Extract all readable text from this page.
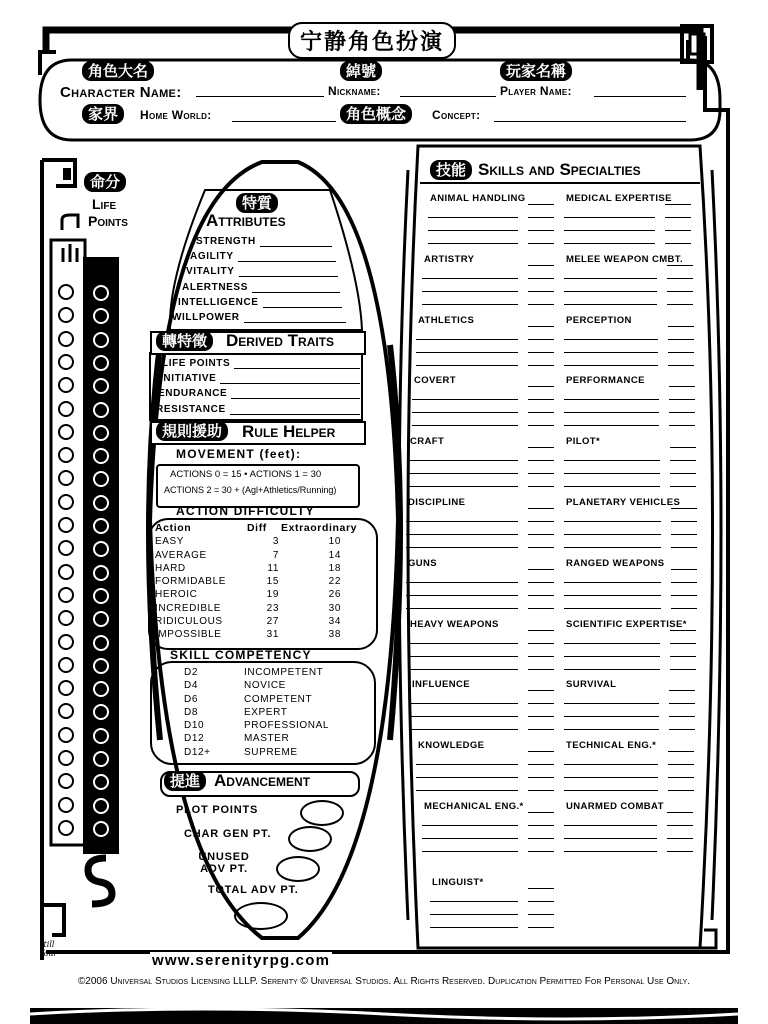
宁静角色扮演
角色大名
Character Name:
綽號
Nickname:
玩家名稱
Player Name:
家界	Home World:	角色概念	Concept:
命分
Life
Points
特質
Attributes
STRENGTH
AGILITY
VITALITY
ALERTNESS
INTELLIGENCE
WILLPOWER
轉特徵	Derived Traits
LIFE POINTS
INITIATIVE
ENDURANCE
RESISTANCE
規則援助	Rule Helper
MOVEMENT (feet):
ACTIONS 0 = 15 • ACTIONS 1 = 30
ACTIONS 2 = 30 + (Agl+Athletics/Running)
ACTION DIFFICULTY
Action	Diff	Extraordinary
EASY	3	10
AVERAGE	7	14
HARD	11	18
FORMIDABLE	15	22
HEROIC	19	26
INCREDIBLE	23	30
RIDICULOUS	27	34
IMPOSSIBLE	31	38
SKILL COMPETENCY
D2	INCOMPETENT
D4	NOVICE
D6	COMPETENT
D8	EXPERT
D10	PROFESSIONAL
D12	MASTER
D12+	SUPREME
提進 Advancement
PLOT POINTS
CHAR GEN PT.
UNUSED ADV PT.
TOTAL ADV PT.
技能 Skills and Specialties
ANIMAL HANDLING
ARTISTRY
ATHLETICS
COVERT
CRAFT
DISCIPLINE
GUNS
HEAVY WEAPONS
INFLUENCE
KNOWLEDGE
MECHANICAL ENG.*
LINGUIST*
MEDICAL EXPERTISE
MELEE WEAPON CMBT.
PERCEPTION
PERFORMANCE
PILOT*
PLANETARY VEHICLES
RANGED WEAPONS
SCIENTIFIC EXPERTISE*
SURVIVAL
TECHNICAL ENG.*
UNARMED COMBAT
till four	www.serenityrpg.com
©2006 Universal Studios Licensing LLLP. Serenity © Universal Studios. All Rights Reserved. Duplication Permitted For Personal Use Only.
